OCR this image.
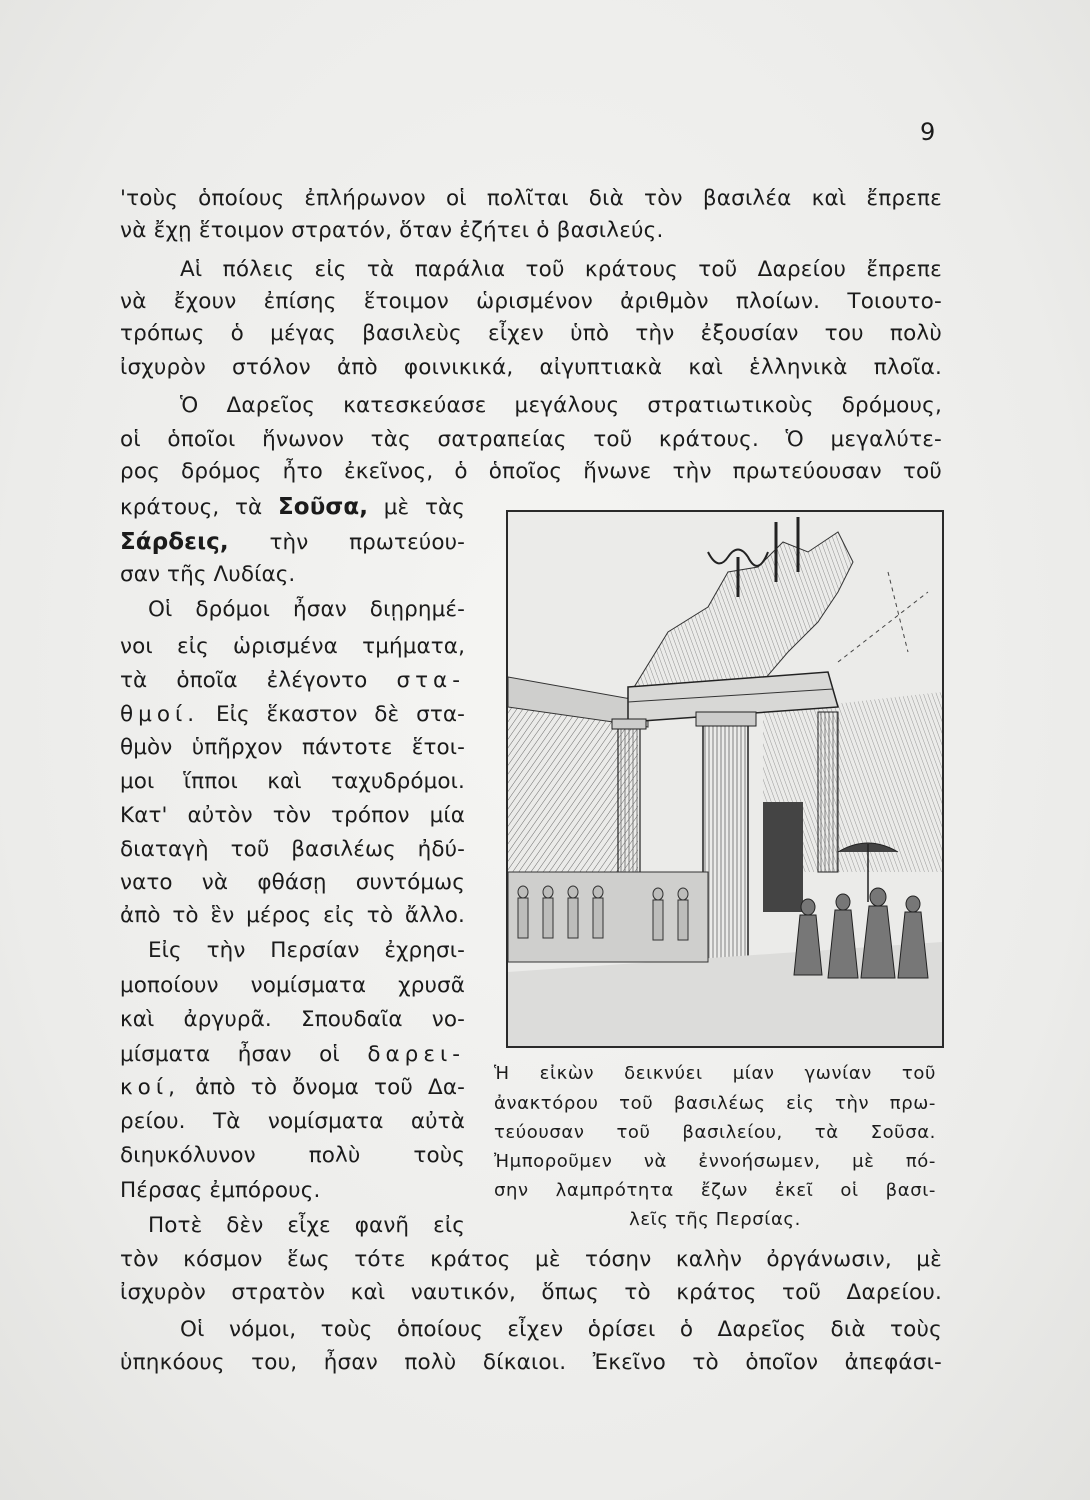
9
'τοὺς ὁποίους ἐπλήρωνον οἱ πολῖται διὰ τὸν βασιλέα καὶ ἔπρεπε
νὰ ἔχῃ ἕτοιμον στρατόν, ὅταν ἐζήτει ὁ βασιλεύς.
Αἱ πόλεις εἰς τὰ παράλια τοῦ κράτους τοῦ Δαρείου ἔπρεπε
νὰ ἔχουν ἐπίσης ἕτοιμον ὡρισμένον ἀριθμὸν πλοίων. Τοιουτο-
τρόπως ὁ μέγας βασιλεὺς εἶχεν ὑπὸ τὴν ἐξουσίαν του πολὺ
ἰσχυρὸν στόλον ἀπὸ φοινικικά, αἰγυπτιακὰ καὶ ἑλληνικὰ πλοῖα.
Ὁ Δαρεῖος κατεσκεύασε μεγάλους στρατιωτικοὺς δρόμους,
οἱ ὁποῖοι ἥνωνον τὰς σατραπείας τοῦ κράτους. Ὁ μεγαλύτε-
ρος δρόμος ἦτο ἐκεῖνος, ὁ ὁποῖος ἥνωνε τὴν πρωτεύουσαν τοῦ
κράτους, τὰ Σοῦσα, μὲ τὰς
Σάρδεις, τὴν πρωτεύου-
σαν τῆς Λυδίας.
Οἱ δρόμοι ἦσαν διῃρημέ-
νοι εἰς ὡρισμένα τμήματα,
τὰ ὁποῖα ἐλέγοντο στα-
θμοί. Εἰς ἕκαστον δὲ στα-
θμὸν ὑπῆρχον πάντοτε ἕτοι-
μοι ἵπποι καὶ ταχυδρόμοι.
Κατ' αὐτὸν τὸν τρόπον μία
διαταγὴ τοῦ βασιλέως ἠδύ-
νατο νὰ φθάσῃ συντόμως
ἀπὸ τὸ ἓν μέρος εἰς τὸ ἄλλο.
Εἰς τὴν Περσίαν ἐχρησι-
μοποίουν νομίσματα χρυσᾶ
καὶ ἀργυρᾶ. Σπουδαῖα νο-
μίσματα ἦσαν οἱ δαρει-
κοί, ἀπὸ τὸ ὄνομα τοῦ Δα-
ρείου. Τὰ νομίσματα αὐτὰ
διηυκόλυνον πολὺ τοὺς
Πέρσας ἐμπόρους.
Ποτὲ δὲν εἶχε φανῆ εἰς
Ἡ εἰκὼν δεικνύει μίαν γωνίαν τοῦ
ἀνακτόρου τοῦ βασιλέως εἰς τὴν πρω-
τεύουσαν τοῦ βασιλείου, τὰ Σοῦσα.
Ἠμποροῦμεν νὰ ἐννοήσωμεν, μὲ πό-
σην λαμπρότητα ἔζων ἐκεῖ οἱ βασι-
λεῖς τῆς Περσίας.
τὸν κόσμον ἕως τότε κράτος μὲ τόσην καλὴν ὀργάνωσιν, μὲ
ἰσχυρὸν στρατὸν καὶ ναυτικόν, ὅπως τὸ κράτος τοῦ Δαρείου.
Οἱ νόμοι, τοὺς ὁποίους εἶχεν ὁρίσει ὁ Δαρεῖος διὰ τοὺς
ὑπηκόους του, ἦσαν πολὺ δίκαιοι. Ἐκεῖνο τὸ ὁποῖον ἀπεφάσι-
